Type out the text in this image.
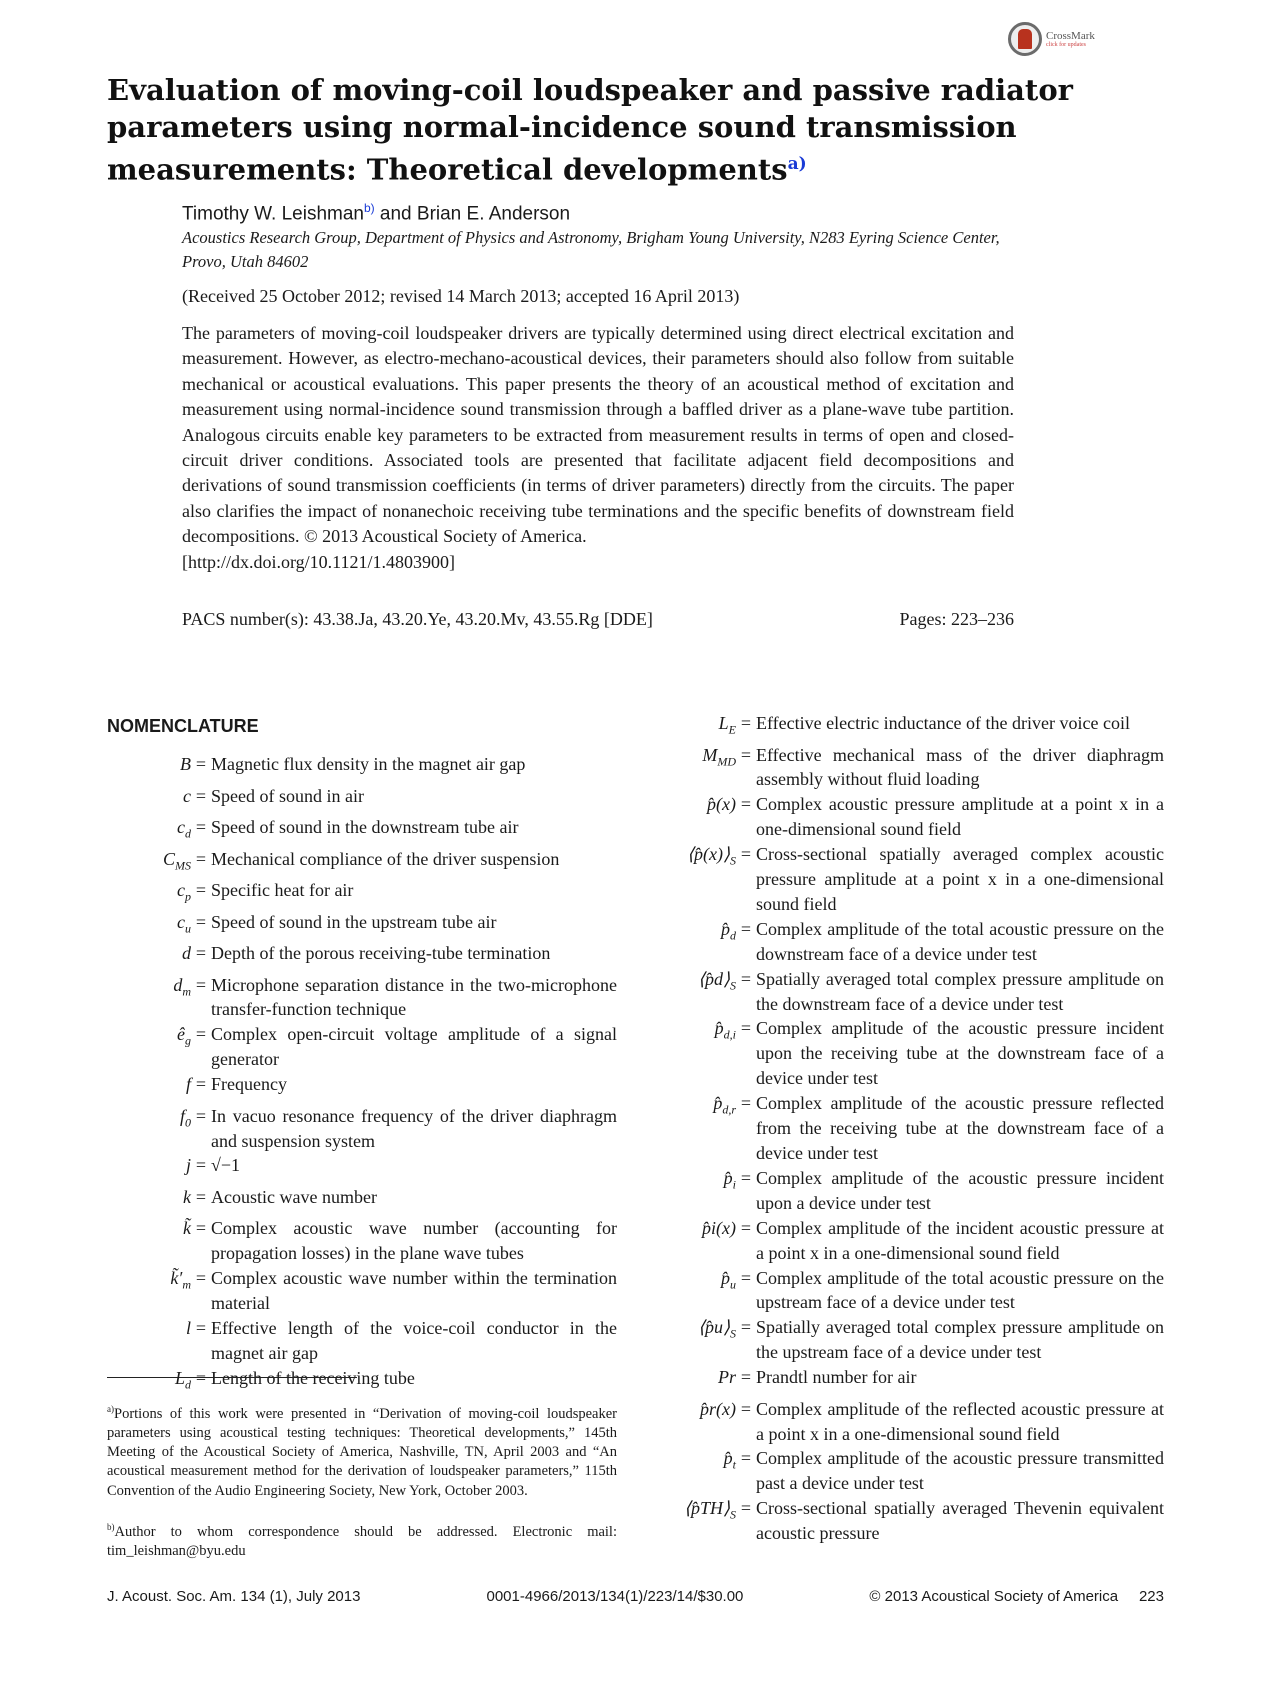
CrossMark
click for updates
Evaluation of moving-coil loudspeaker and passive radiator parameters using normal-incidence sound transmission measurements: Theoretical developments$^{a)}$
Timothy W. Leishman$^{b)}$ and Brian E. Anderson
Acoustics Research Group, Department of Physics and Astronomy, Brigham Young University, N283 Eyring Science Center, Provo, Utah 84602
(Received 25 October 2012; revised 14 March 2013; accepted 16 April 2013)
The parameters of moving-coil loudspeaker drivers are typically determined using direct electrical excitation and measurement. However, as electro-mechano-acoustical devices, their parameters should also follow from suitable mechanical or acoustical evaluations. This paper presents the theory of an acoustical method of excitation and measurement using normal-incidence sound transmission through a baffled driver as a plane-wave tube partition. Analogous circuits enable key parameters to be extracted from measurement results in terms of open and closed-circuit driver conditions. Associated tools are presented that facilitate adjacent field decompositions and derivations of sound transmission coefficients (in terms of driver parameters) directly from the circuits. The paper also clarifies the impact of nonanechoic receiving tube terminations and the specific benefits of downstream field decompositions. © 2013 Acoustical Society of America.
[http://dx.doi.org/10.1121/1.4803900]
PACS number(s): 43.38.Ja, 43.20.Ye, 43.20.Mv, 43.55.Rg [DDE]	Pages: 223–236
NOMENCLATURE
B = Magnetic flux density in the magnet air gap
c = Speed of sound in air
$c_d$ = Speed of sound in the downstream tube air
$C_{MS}$ = Mechanical compliance of the driver suspension
$c_p$ = Specific heat for air
$c_u$ = Speed of sound in the upstream tube air
d = Depth of the porous receiving-tube termination
$d_m$ = Microphone separation distance in the two-microphone transfer-function technique
$ê_g$ = Complex open-circuit voltage amplitude of a signal generator
f = Frequency
$f_0 = In$ vacuo resonance frequency of the driver diaphragm and suspension system
j = √−1
k = Acoustic wave number
k̃ = Complex acoustic wave number (accounting for propagation losses) in the plane wave tubes
$k̃'_m$ = Complex acoustic wave number within the termination material
l = Effective length of the voice-coil conductor in the magnet air gap
$L_d$ = Length of the receiving tube
$L_E$ = Effective electric inductance of the driver voice coil
$M_{MD}$ = Effective mechanical mass of the driver diaphragm assembly without fluid loading
p̂(x) = Complex acoustic pressure amplitude at a point x in a one-dimensional sound field
$⟨p̂(x)⟩_S$ = Cross-sectional spatially averaged complex acoustic pressure amplitude at a point x in a one-dimensional sound field
$p̂_d$ = Complex amplitude of the total acoustic pressure on the downstream face of a device under test
$⟨p̂d⟩_S$ = Spatially averaged total complex pressure amplitude on the downstream face of a device under test
$p̂_{d,i}$ = Complex amplitude of the acoustic pressure incident upon the receiving tube at the downstream face of a device under test
$p̂_{d,r}$ = Complex amplitude of the acoustic pressure reflected from the receiving tube at the downstream face of a device under test
$p̂_i$ = Complex amplitude of the acoustic pressure incident upon a device under test
p̂i(x) = Complex amplitude of the incident acoustic pressure at a point x in a one-dimensional sound field
$p̂_u$ = Complex amplitude of the total acoustic pressure on the upstream face of a device under test
$⟨p̂u⟩_S$ = Spatially averaged total complex pressure amplitude on the upstream face of a device under test
Pr = Prandtl number for air
p̂r(x) = Complex amplitude of the reflected acoustic pressure at a point x in a one-dimensional sound field
$p̂_t$ = Complex amplitude of the acoustic pressure transmitted past a device under test
$⟨p̂TH⟩_S$ = Cross-sectional spatially averaged Thevenin equivalent acoustic pressure
$^{a)}$Portions of this work were presented in “Derivation of moving-coil loudspeaker parameters using acoustical testing techniques: Theoretical developments,” 145th Meeting of the Acoustical Society of America, Nashville, TN, April 2003 and “An acoustical measurement method for the derivation of loudspeaker parameters,” 115th Convention of the Audio Engineering Society, New York, October 2003.
$^{b)}$Author to whom correspondence should be addressed. Electronic mail: tim_leishman@byu.edu
J. Acoust. Soc. Am. 134 (1), July 2013	0001-4966/2013/134(1)/223/14/$30.00	© 2013 Acoustical Society of America 223
